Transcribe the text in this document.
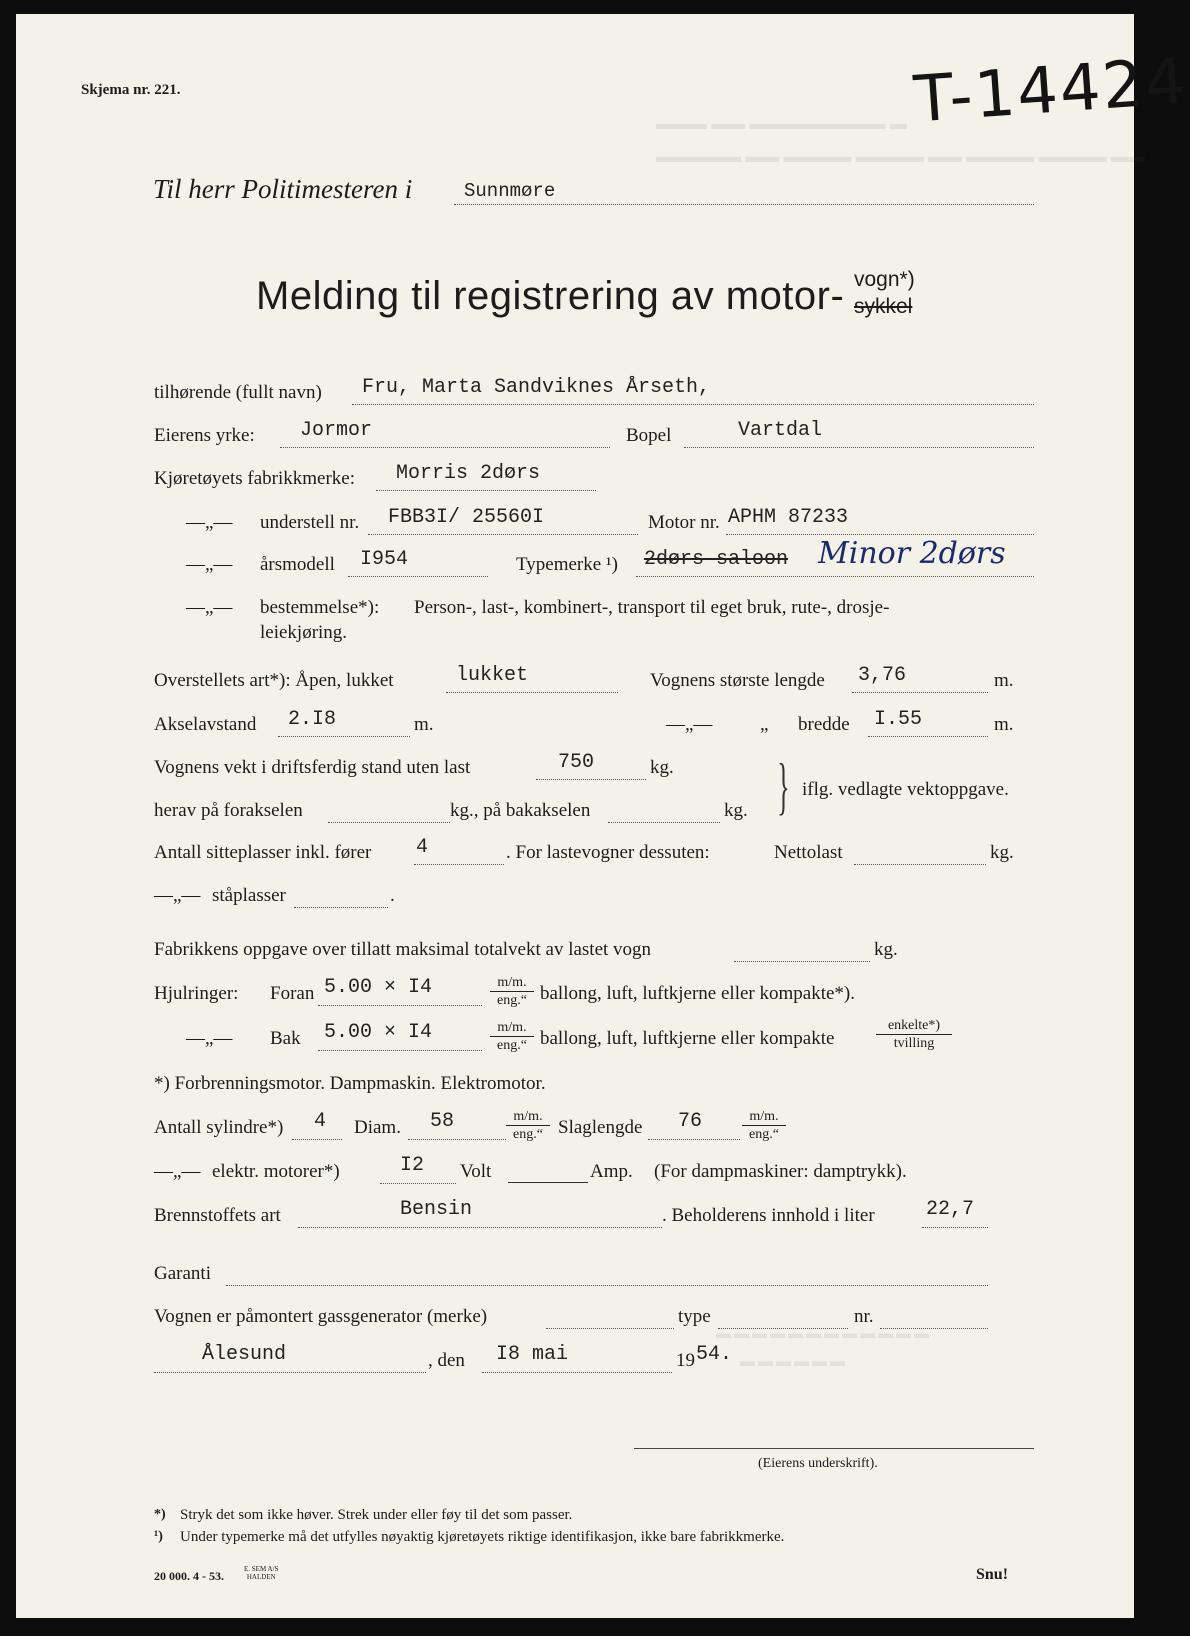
▬▬▬ ▬▬ ▬▬▬▬▬▬▬▬ ▬
▬▬▬▬▬ ▬▬ ▬▬▬▬ ▬▬▬▬ ▬▬ ▬▬▬▬ ▬▬▬▬ ▬▬
Skjema nr. 221.	T-14424
Til herr Politimesteren i	Sunnmøre
Melding til registrering av motor- vogn*)
sykkel
tilhørende (fullt navn) Fru, Marta Sandviknes Årseth,
Eierens yrke: Jormor	Bopel	Vartdal
Kjøretøyets fabrikkmerke: Morris 2dørs
—„— understell nr. FBB3I/ 25560I	Motor nr. APHM 87233
—„— årsmodell I954	Typemerke ¹) 2dørs saloon Minor 2dørs
—„— bestemmelse*): Person-, last-, kombinert-, transport til eget bruk, rute-, drosje-
leiekjøring.
Overstellets art*): Åpen, lukket	lukket	Vognens største lengde 3,76	m.
Akselavstand 2.I8	m.	—„—	„ bredde I.55	m.
Vognens vekt i driftsferdig stand uten last	750	kg.
herav på forakselen	kg., på bakakselen	kg. } iflg. vedlagte vektoppgave.
Antall sitteplasser inkl. fører 4	. For lastevogner dessuten:	Nettolast	kg.
—„— ståplasser	.
Fabrikkens oppgave over tillatt maksimal totalvekt av lastet vogn	kg.
Hjulringer: Foran 5.00 × I4	m/m.
eng.“ ballong, luft, luftkjerne eller kompakte*).
—„— Bak 5.00 × I4	m/m.
eng.“ ballong, luft, luftkjerne eller kompakte
enkelte*)
tvilling
*) Forbrenningsmotor. Dampmaskin. Elektromotor.
Antall sylindre*) 4 Diam. 58	m/m.
eng.“ Slaglengde 76	m/m.
eng.“
—„— elektr. motorer*)	I2 Volt	Amp. (For dampmaskiner: damptrykk).
Brennstoffets art	Bensin	. Beholderens innhold i liter	22,7
Garanti
Vognen er påmontert gassgenerator (merke)	type	nr.
Ålesund	, den I8 mai	19 54.
▬▬▬▬▬▬▬▬▬▬▬▬
▬▬▬▬▬▬
(Eierens underskrift).
*) Stryk det som ikke høver. Strek under eller føy til det som passer.
¹) Under typemerke må det utfylles nøyaktig kjøretøyets riktige identifikasjon, ikke bare fabrikkmerke.
20 000. 4 - 53.	E. SEM A/S
HALDEN	Snu!
